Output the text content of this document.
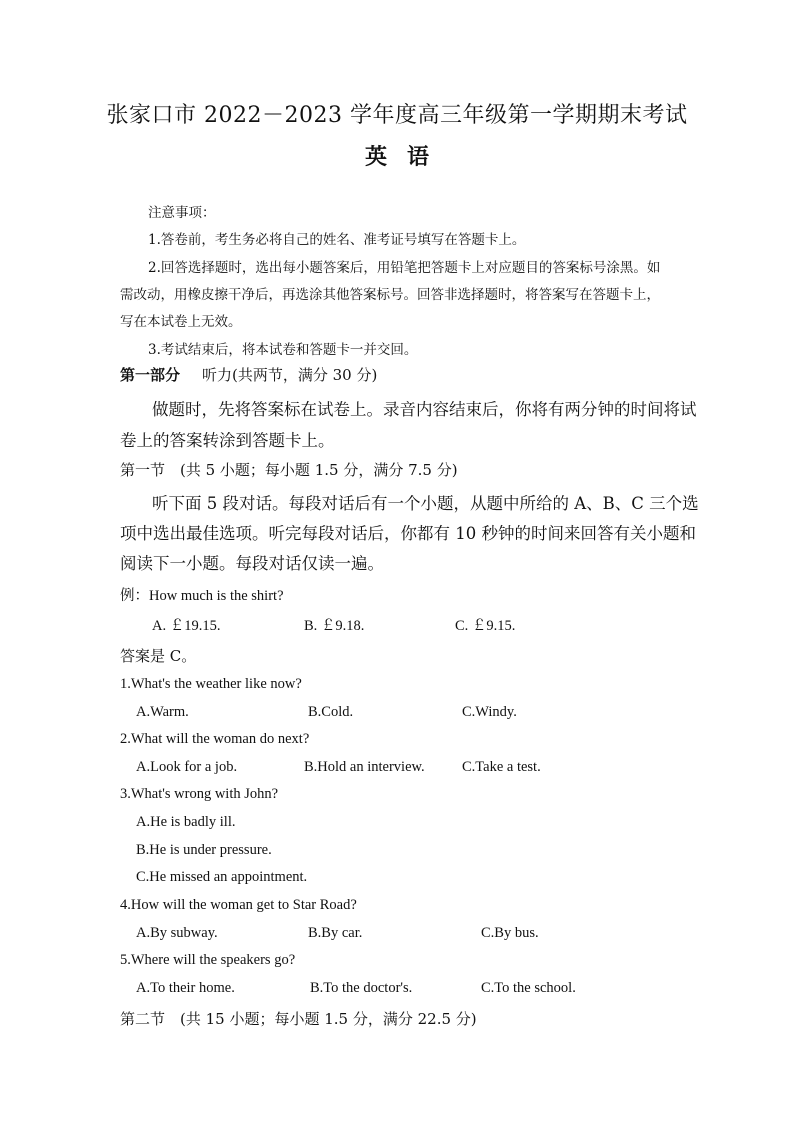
张家口市 2022－2023 学年度高三年级第一学期期末考试
英语
注意事项：
1.答卷前，考生务必将自己的姓名、准考证号填写在答题卡上。
2.回答选择题时，选出每小题答案后，用铅笔把答题卡上对应题目的答案标号涂黑。如
需改动，用橡皮擦干净后，再选涂其他答案标号。回答非选择题时，将答案写在答题卡上，
写在本试卷上无效。
3.考试结束后，将本试卷和答题卡一并交回。
第一部分 听力(共两节，满分 30 分)
做题时，先将答案标在试卷上。录音内容结束后，你将有两分钟的时间将试
卷上的答案转涂到答题卡上。
第一节　(共 5 小题；每小题 1.5 分，满分 7.5 分)
听下面 5 段对话。每段对话后有一个小题，从题中所给的 A、B、C 三个选
项中选出最佳选项。听完每段对话后，你都有 10 秒钟的时间来回答有关小题和
阅读下一小题。每段对话仅读一遍。
例：How much is the shirt?
A. ￡19.15.	B. ￡9.18.	C. ￡9.15.
答案是 C。
1.What's the weather like now?
A.Warm.	B.Cold.	C.Windy.
2.What will the woman do next?
A.Look for a job.	B.Hold an interview.	C.Take a test.
3.What's wrong with John?
A.He is badly ill.
B.He is under pressure.
C.He missed an appointment.
4.How will the woman get to Star Road?
A.By subway.	B.By car.	C.By bus.
5.Where will the speakers go?
A.To their home.	B.To the doctor's.	C.To the school.
第二节　(共 15 小题；每小题 1.5 分，满分 22.5 分)
